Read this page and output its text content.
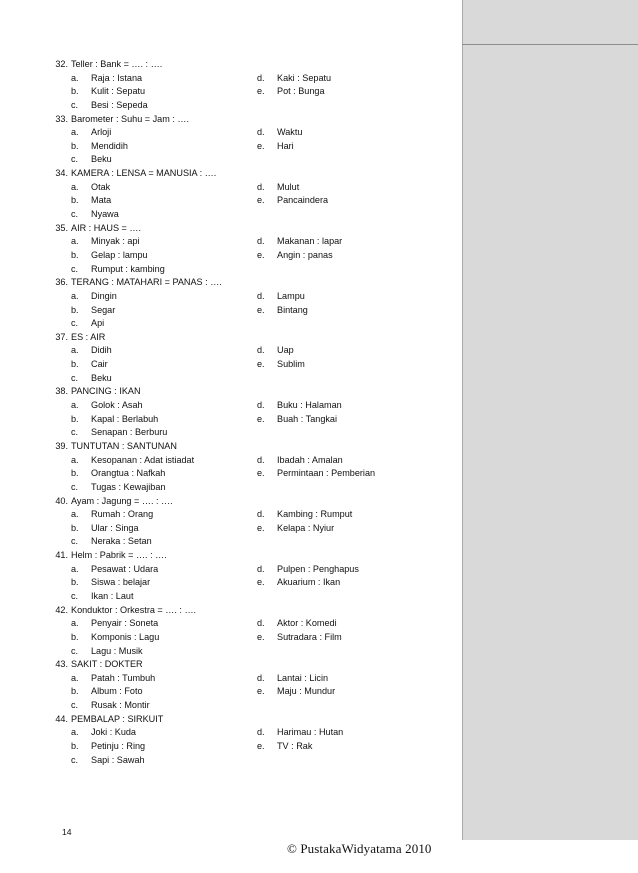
32. Teller : Bank = …. : ….
a. Raja : Istana	d. Kaki : Sepatu
b. Kulit : Sepatu	e. Pot : Bunga
c. Besi : Sepeda
33. Barometer : Suhu = Jam : ….
a. Arloji	d. Waktu
b. Mendidih	e. Hari
c. Beku
34. KAMERA : LENSA = MANUSIA : ….
a. Otak	d. Mulut
b. Mata	e. Pancaindera
c. Nyawa
35. AIR : HAUS = ….
a. Minyak : api	d. Makanan : lapar
b. Gelap : lampu	e. Angin : panas
c. Rumput : kambing
36. TERANG : MATAHARI = PANAS : ….
a. Dingin	d. Lampu
b. Segar	e. Bintang
c. Api
37. ES : AIR
a. Didih	d. Uap
b. Cair	e. Sublim
c. Beku
38. PANCING : IKAN
a. Golok : Asah	d. Buku : Halaman
b. Kapal : Berlabuh	e. Buah : Tangkai
c. Senapan : Berburu
39. TUNTUTAN : SANTUNAN
a. Kesopanan : Adat istiadat	d. Ibadah : Amalan
b. Orangtua : Nafkah	e. Permintaan : Pemberian
c. Tugas : Kewajiban
40. Ayam : Jagung = …. : ….
a. Rumah : Orang	d. Kambing : Rumput
b. Ular : Singa	e. Kelapa : Nyiur
c. Neraka : Setan
41. Helm : Pabrik = …. : ….
a. Pesawat : Udara	d. Pulpen : Penghapus
b. Siswa : belajar	e. Akuarium : Ikan
c. Ikan : Laut
42. Konduktor : Orkestra = …. : ….
a. Penyair : Soneta	d. Aktor : Komedi
b. Komponis : Lagu	e. Sutradara : Film
c. Lagu : Musik
43. SAKIT : DOKTER
a. Patah : Tumbuh	d. Lantai : Licin
b. Album : Foto	e. Maju : Mundur
c. Rusak : Montir
44. PEMBALAP : SIRKUIT
a. Joki : Kuda	d. Harimau : Hutan
b. Petinju : Ring	e. TV : Rak
c. Sapi : Sawah
14
© PustakaWidyatama 2010
